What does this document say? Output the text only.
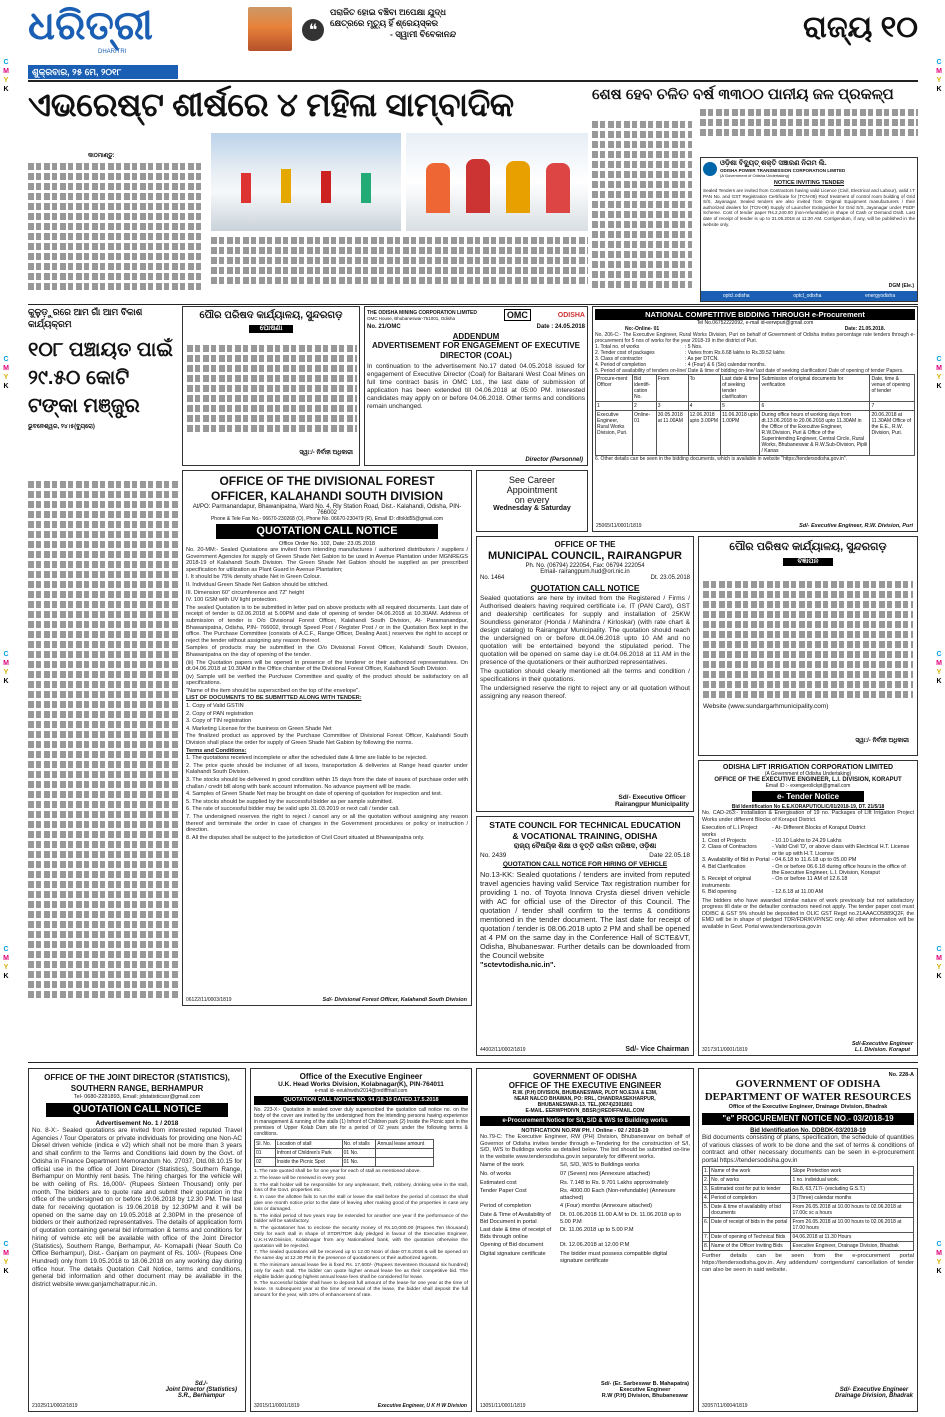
C
M
Y
K
C
M
Y
K
C
M
Y
K
C
M
Y
K
C
M
Y
K
C
M
Y
K
C
M
Y
K
C
M
Y
K
C
M
Y
K
C
M
Y
K
ଧରିତ୍ରୀ
DHARITRI
ଶୁକ୍ରବାର, ୨୫ ମେ, ୨୦୧୮
❝
ପରାଜିତ ହୋଇ ବଞ୍ଚିବା ଅପେକ୍ଷା ଯୁଦ୍ଧ
କ୍ଷେତ୍ରରେ ମୃତ୍ୟୁ ହିଁ ଶ୍ରେୟସ୍କର
- ସ୍ୱାମୀ ବିବେକାନନ୍ଦ	ରାଜ୍ୟ ୧୦
ଏଭରେଷ୍ଟ ଶୀର୍ଷରେ ୪ ମହିଳା ସାମ୍ବାଦିକ
କାଠମାଣ୍ଡୁ:
ଶେଷ ହେବ ଚଳିତ ବର୍ଷ ୩୩୦୦ ପାନୀୟ ଜଳ ପ୍ରକଳ୍ପ
ଓଡ଼ିଶା ବିଦ୍ୟୁତ୍ ଶକ୍ତି ସଞ୍ଚାରଣ ନିଗମ ଲି.
ODISHA POWER TRANSMISSION CORPORATION LIMITED
(A Government of Odisha Undertaking)
NOTICE INVITING TENDER
Sealed Tenders are invited from Contractors having valid Licence (Civil, Electrical and Labour), valid I.T PAN No. and GST Registration Certificate for (TCN-08) Roof treatment of control room building of Grid S/S, Jayanagar. Sealed tenders are also invited from Original Equipment manufacturers / their authorized dealers for (TCN-09) Supply of Launcher Extinguisher for Grid S/S, Jayanagar under PSDF Scheme. Cost of tender paper Rs.2,240.00 (non-refundable) in shape of Cash or Demand Draft. Last date of receipt of tender is up to 31.05.2018 at 11:30 AM. Corrigendum, if any, will be published in the website only.
DGM (Ele.)
optcl.odisha	optcl_odisha	energyodisha
NATIONAL COMPETITIVE BIDDING THROUGH e-Procurement
Tel No.06752222092, e-mail id-eerwpuri@gmail.com
No:-Online- 01	Date: 21.05.2018.
No. 206-C:- The Executive Engineer, Rural Works Division, Puri on behalf of Government of Odisha invites percentage rate tenders through e-procurement for 5 nos of works for the year 2018-19 in the district of Puri.
1. Total no. of works	: 5 Nos.
2. Tender cost of packages	: Varies from Rs.6.68 lakhs to Rs.39.52 lakhs
3. Class of contractor	: As per DTCN.
4. Period of completion	: 4 (Four) & 6 (Six) calendar months.
5. Period of availability of tenders on-line/ Date & time of bidding on-line/ last date of seeking clarification/ Date of opening of tender Papers.
Procure-ment Officer	Bid identifi-cation No.	From	To	Last date & time of seeking tender clarification	Submission of original documents for verification	Date, time & venue of opening of tender
1	2	3	4	5	6	7
Executive Engineer, Rural Works Division, Puri.	Online-01	30.05.2018 at 11.00AM	12.06.2018 upto 3.00PM	11.06.2018 upto 1.00PM	During office hours of working days from dt.13.06.2018 to 20.06.2018 upto 11.30AM in the Office of the Executive Engineer, R.W.Division, Puri & Office of the Superintending Engineer, Central Circle, Rural Works, Bhubaneswar & R.W.Sub-Division, Pipili / Kanas	20.06.2018 at 11.30AM Office of the E.E., R.W. Division, Puri.
6. Other details can be seen in the bidding documents, which is available in website "https://tendersodisha.gov.in".
25065/11/0001/1819	Sd/- Executive Engineer, R.W. Division, Puri
କୁଳୁଡ଼ୁରରେ ଆମ ଗାଁ ଆମ ବିକାଶ କାର୍ଯ୍ୟକ୍ରମ
୧୦୮ ପଞ୍ଚାୟତ ପାଇଁ ୨୯.୫୦ କୋଟି ଟଙ୍କା ମଞ୍ଜୁର
ଭୁବନେଶ୍ୱର, ୨୪।୫(ବ୍ୟୁରୋ)
ପୌର ପରିଷଦ କାର୍ଯ୍ୟାଳୟ, ସୁନ୍ଦରଗଡ଼
ଘୋଷଣା
ସ୍ୱା:/- ନିର୍ବାହୀ ଅଧିକାରୀ
THE ODISHA MINING CORPORATION LIMITED
OMC House, Bhubaneswar-751001, Odisha	OMC	ODISHA
No. 21/OMC	Date : 24.05.2018
ADDENDUM
ADVERTISEMENT FOR ENGAGEMENT OF EXECUTIVE DIRECTOR (COAL)
In continuation to the advertisement No.17 dated 04.05.2018 issued for engagement of Executive Director (Coal) for Baitarani West Coal Mines on full time contract basis in OMC Ltd., the last date of submission of application has been extended till 04.06.2018 at 05:00 PM. Interested candidates may apply on or before 04.06.2018. Other terms and conditions remain unchanged.
Director (Personnel)
OFFICE OF THE DIVISIONAL FOREST
OFFICER, KALAHANDI SOUTH DIVISION
At/PO: Parmanandapur, Bhawanipatna, Ward No. 4, Rly Station Road, Dist.- Kalahandi, Odisha, PIN-766002
Phone & Tele Fax No.- 06670-230268 (O), Phone No. 06670-230479 (R), Email ID: dfokld55@gmail.com
QUOTATION CALL NOTICE
Office Order No. 102, Date: 23.05.2018

No. 20-MM:- Sealed Quotations are invited from intending manufactures / authorized distributors / suppliers / Government Agencies for supply of Green Shade Net Gabion to be used in Avenue Plantation under MGNREGS 2018-19 of Kalahandi South Division. The Green Shade Net Gabion should be supplied as per prescribed specification for utilization as Plant Guard in Avenue Plantation;

I. It should be 75% density shade Net in Green Colour.

II. Individual Green Shade Net Gabion should be stitched.

III. Dimension 60" circumference and 72" height

IV. 100 GSM with UV light protection.

The sealed Quotation is to be submitted in letter pad on above products with all required documents. Last date of receipt of tender is 02.06.2018 at 5.00PM and date of opening of tender 04.06.2018 at 10.30AM. Address of submission of tender is O/o Divisional Forest Officer, Kalahandi South Division, At- Paramanandpur, Bhawanipatna, Odisha, PIN- 766002, through Speed Post / Register Post / or in the Quotation Box kept in the office. The Purchase Committee (consists of A.C.F., Range Officer, Dealing Asst.) reserves the right to accept or reject the tender without assigning any reason thereof.

Samples of products may be submitted in the O/o Divisional Forest Officer, Kalahandi South Division, Bhawanipatna on the day of opening of the tender.

(iii) The Quotation papers will be opened in presence of the tenderer or their authorized representatives. On dt.04.06.2018 at 10.30AM in the Office chamber of the Divisional Forest Officer, Kalahandi South Division.

(iv) Sample will be verified the Purchase Committee and quality of the product should be satisfactory on all specifications.

"Name of the item should be superscribed on the top of the envelope".

LIST OF DOCUMENTS TO BE SUBMITTED ALONG WITH TENDER:

1. Copy of Valid GSTIN

2. Copy of PAN registration

3. Copy of TIN registration

4. Marketing License for the business on Green Shade Net

The finalized product as approved by the Purchase Committee of Divisional Forest Officer, Kalahandi South Division shall place the order for supply of Green Shade Net Gabion by following the norms.

Terms and Conditions:

1. The quotations received incomplete or after the scheduled date & time are liable to be rejected.

2. The price quote should be inclusive of all taxes, transportation & deliveries at Range head quarter under Kalahandi South Division.

3. The stocks should be delivered in good condition within 15 days from the date of issues of purchase order with challan / credit bill along with bank account information. No advance payment will be made.

4. Samples of Green Shade Net may be brought on date of opening of quotation for inspection and test.

5. The stocks should be supplied by the successful bidder as per sample submitted.

6. The rate of successful bidder may be valid upto 31.03.2019 or next call / tender call.

7. The undersigned reserves the right to reject / cancel any or all the quotation without assigning any reason thereof and terminate the order in case of changes in the Government procedures or policy or instruction / direction.

8. All the disputes shall be subject to the jurisdiction of Civil Court situated at Bhawanipatna only.

06122/11/0003/1819	Sd/- Divisional Forest Officer, Kalahandi South Division
See Career
Appointment
on every
Wednesday & Saturday
OFFICE OF THE
MUNICIPAL COUNCIL, RAIRANGPUR
Ph. No. (06794) 222054, Fax: 06794 222054
Email- rairangpurn.hud@ori.nic.in
No. 1464	Dt. 23.05.2018
QUOTATION CALL NOTICE

Sealed quotations are here by invited from the Registered / Firms / Authorised dealers having required certificate i.e. IT (PAN Card), GST and dealership certificates for supply and installation of 25KW Soundless generator (Honda / Mahindra / Kirloskar) (with rate chart & design catalog) to Rairangpur Municipality. The quotation should reach the undersigned on or before dt.04.06.2018 upto 10 AM and no quotation will be entertained beyond the stipulated period. The quotation will be opened on same day i.e dt.04.06.2018 at 11 AM in the presence of the quotationers or their authorized representatives.

The quotation should clearly mentioned all the terms and condition / specifications in their quotations.

The undersigned reserve the right to reject any or all quotation without assigning any reason thereof.

Sd/- Executive Officer
Rairangpur Municipality
ପୌର ପରିଷଦ କାର୍ଯ୍ୟାଳୟ, ସୁନ୍ଦରଗଡ଼
ବିଜ୍ଞାପନ
Website (www.sundargarhmunicipality.com)
ସ୍ୱା:/- ନିର୍ବାହୀ ଅଧିକାରୀ
ODISHA LIFT IRRIGATION CORPORATION LIMITED
(A Government of Odisha Undertaking)
OFFICE OF THE EXECUTIVE ENGINEER, L.I. DIVISION, KORAPUT
Email ID :- exengerolickpt@gmail.com
e- Tender Notice
Bid Identification No E.E.KORAPUT/OLIC/01/2018-19, DT. 21/5/18
No. CAD-263:- Installation & Energisation of 19 no. Packages of Lift Irrigation Project Works under different Blocks of Koraput District.
Execution of L.I.Project works
- At- Different Blocks of Koraput District
1. Cost of Projects	- 10.10 Lakhs to 24.29 Lakhs
2. Class of Contractors	- Valid Civil 'D', or above class with Electrical H.T. License or tie up with H.T. License
3. Availability of Bid in Portal - 04.6.18 to 11.6.18 up to 05.00 PM
4. Bid Clarification	- On or before 06.6.18 during office hours in the office of the Executive Engineer, L.I. Division, Koraput
5. Receipt of original instruments
- On or before 11 AM of 12.6.18
6. Bid opening	- 12.6.18 at 11.00 AM
The bidders who have awarded similar nature of work previously but not satisfactory progress till date or the defaulter contractors need not apply. The tender paper cost must DD/BC & GST 5% should be deposited in OLIC GST Regd no.21AAACO5889Q2F, the EMD will be in shape of pledged TDR/FDR/KVP/NSC only. All other information will be available in Govt. Portal www.tendersorissa.gov.in
32173/11/0001/1819
Sd/-Executive Engineer
L.I. Division. Koraput
STATE COUNCIL FOR TECHNICAL EDUCATION
& VOCATIONAL TRAINING, ODISHA
ରାଜ୍ୟ ବୈଷୟିକ ଶିକ୍ଷା ଓ ବୃତ୍ତି ତାଲିମ ପରିଷଦ, ଓଡ଼ିଶା
No. 2439	Date 22.05.18
QUOTATION CALL NOTICE FOR HIRING OF VEHICLE
No.13-KK: Sealed quotations / tenders are invited from reputed travel agencies having valid Service Tax registration number for providing 1 no. of Toyota Innova Crysta diesel driven vehicle with AC for official use of the Director of this Council. The quotation / tender shall confirm to the terms & conditions mentioned in the tender document. The last date for receipt of quotation / tender is 08.06.2018 upto 2 PM and shall be opened at 4 PM on the same day in the Conference Hall of SCTE&VT, Odisha, Bhubaneswar. Further details can be downloaded from the Council website
"sctevtodisha.nic.in".
44002/11/0002/1819	Sd/- Vice Chairman
OFFICE OF THE JOINT DIRECTOR (STATISTICS),
SOUTHERN RANGE, BERHAMPUR
Tel- 0680-2281893, Email: jdstatisticssr@gmail.com
QUOTATION CALL NOTICE
Advertisement No. 1 / 2018
No. 8-X:- Sealed quotations are invited from interested reputed Travel Agencies / Tour Operators or private individuals for providing one Non-AC Diesel driven vehicle (indica e v2) which shall not be more than 3 years and shall confirm to the Terms and Conditions laid down by the Govt. of Odisha in Finance Department Memorandum No. 27037, Dtd.08.10.15 for official use in the office of Joint Director (Statistics), Southern Range, Berhampur on Monthly rent basis. The hiring charges for the vehicle will be with ceiling of Rs. 16,000/- (Rupees Sixteen Thousand) only per month. The bidders are to quote rate and submit their quotation in the office of the undersigned on or before 19.06.2018 by 12.30 PM. The last date for receiving quotation is 19.06.2018 by 12.30PM and it will be opened on the same day on 19.05.2018 at 2.30PM in the presence of bidders or their authorized representatives. The details of application form of quotation containing general bid information & terms and conditions for hiring of vehicle etc will be available with office of the Joint Director (Statistics), Southern Range, Berhampur, At- Komapalli (Near South Co Office Berhampur), Dist.- Ganjam on payment of Rs. 100/- (Rupees One Hundred) only from 19.05.2018 to 18.06.2018 on any working day during office hour. The details Quotation Call Notice, terms and conditions, general bid information and other document may be available in the district website www.ganjamchatrapur.nic.in.
Sd./-
Joint Director (Statistics)
S.R., Berhampur
21025/11/0002/1819
Office of the Executive Engineer
U.K. Head Works Division, Kolabnagar(K), PIN-764011
e-mail id- eeukhwdiv2014@rediffmail.com
QUOTATION CALL NOTICE NO. 04 /18-19 DATED.17.5.2018
No. 223-X:- Quotation in sealed cover duly superscribed the quotation call notice no. on the body of the cover are invited by the undersigned from the intending persons having experience in management & running of the stalls (1) Infront of Children park (2) Inside the Picnic spot in the premises of Upper Kolab Dam site for a period of 02 years under the following terms & conditions.
Sl. No.	Location of stall	No. of stalls	Annual lease amount
01	Infront of Children's Park	01 No.	
02	Inside the Picnic Spot	01 No.	

1. The rate quoted shall be for one year for each of stall as mentioned above.

2. The lease will be renewed in every year.

3. The stall holder will be responsible for any unpleasant, theft, robbery, drinking wine in the stall, loss of the Govt. properties etc.

4. In case the allottee fails to run the stall or leave the stall before the period of contract the shall give one month notice prior to the date of leaving after making good of the properties in case any loss or damaged.

5. The initial period of two years may be extended for another one year if the performance of the bidder will be satisfactory.

6. The quotationer has to enclose the security money of Rs.10,000.00 (Rupees Ten thousand) Only for each stall in shape of STDR/TDR duly pledged in favour of the Executive Engineer, U.K.H.W.Division, Kolabnagar from any Nationalised bank, with the quotation otherwise the quotation will be rejected.

7. The sealed quotations will be received up to 12.00 Noon of date 07.6.2018 & will be opened on the same day at 12.30 PM in the presence of quotationers or their authorized agents.

8. The minimum annual lease fee is fixed Rs. 17,600/- (Rupees Seventeen thousand six hundred) only for each stall. The bidder can quote higher annual lease fee as their competitive bid. The eligible bidder quoting highest annual lease fees shall be considered for lease.

9. The successful bidder shall have to deposit full amount of the lease for one year at the time of lease. In subsequent year at the time of renewal of the lease, the bidder shall deposit the full amount for the year, with 10% of enhancement of rate.

32015/11/0001/1819	Executive Engineer, U K H W Division
GOVERNMENT OF ODISHA
OFFICE OF THE EXECUTIVE ENGINEER
R.W. (P.H) DIVISION, BHUBANESWAR, PLOT NO.E3/A & E3M,
NEAR NALCO BHAWAN, PO: RRL, CHANDRASEKHARPUR,
BHUBANESWAR-13. TEL.(0674)2301801
E-MAIL. EERWPHDIVN_BBSR@REDIFFMAIL.COM
e-Procurement Notice for S/I, S/D & W/S to Building works
NOTIFICATION NO.RW PH. / Online - 02 / 2018-19
No.79-C: The Executive Engineer, RW (PH) Division, Bhubaneswar on behalf of Governor of Odisha invites tender through e-Tendering for the construction of S/I, S/D, W/S to Buildings works as detailed below. The bid should be submitted on-line in the website www.tendersodisha.gov.in separately for different works.
Name of the work	S/I, S/D, W/S to Buildings works
No. of works	07 (Seven) nos (Annexure attached)
Estimated cost	Rs. 7.148 to Rs. 9.701 Lakhs approximately
Tender Paper Cost	Rs. 4000.00 Each (Non-refundable) (Annexure attached)
Period of completion	4 (Four) months (Annexure attached)
Date & Time of Availability of Bid Document in portal
Dt. 01.06.2018 11.00 A.M to Dt. 11.06.2018 up to 5.00 P.M
Last date & time of receipt of Bids through online
Dt. 11.06.2018 up to 5.00 P.M
Opening of Bid document	Dt. 12.06.2018 at 12.00 P.M
Digital signature certificate	The bidder must possess compatible digital signature certificate
Sd/- (Er. Sarbeswar B. Mahapatra)
Executive Engineer
R.W (P.H) Division, Bhubaneswar
13051/11/0001/1819
No. 228-A
GOVERNMENT OF ODISHA
DEPARTMENT OF WATER RESOURCES
Office of the Executive Engineer, Drainage Division, Bhadrak
"e" PROCUREMENT NOTICE NO.- 03/2018-19
Bid Identification No. DDBDK-03/2018-19
Bid documents consisting of plans, specification, the schedule of quantities of various classes of work to be done and the set of terms & conditions of contract and other necessary documents can be seen in e-procurement portal https://tendersodisha.gov.in
1.	Name of the work	Slope Protection work
2.	No. of works	1 no. individual work.
3.	Estimated cost for put to tender	Rs.8, 63,717/- (excluding G.S.T.)
4.	Period of completion	3 (Three) calendar months
5.	Date & time of availability of bid documents	From 26.05.2018 at 10.00 hours to 02.06.2018 at 17.00c xc a hours
6.	Date of receipt of bids in the portal	From 26.05.2018 at 10.00 hours to 02.06.2018 at 17.00 hours
7.	Date of opening of Technical Bids	04.06.2018 at 11.30 Hours
8.	Name of the Officer Inviting Bids	Executive Engineer, Drainage Division, Bhadrak
Further details can be seen from the e-procurement portal https://tendersodisha.gov.in. Any addendum/ corrigendum/ cancellation of tender can also be seen in said website.
Sd/- Executive Engineer
Drainage Division, Bhadrak
32057/11/0004/1819
